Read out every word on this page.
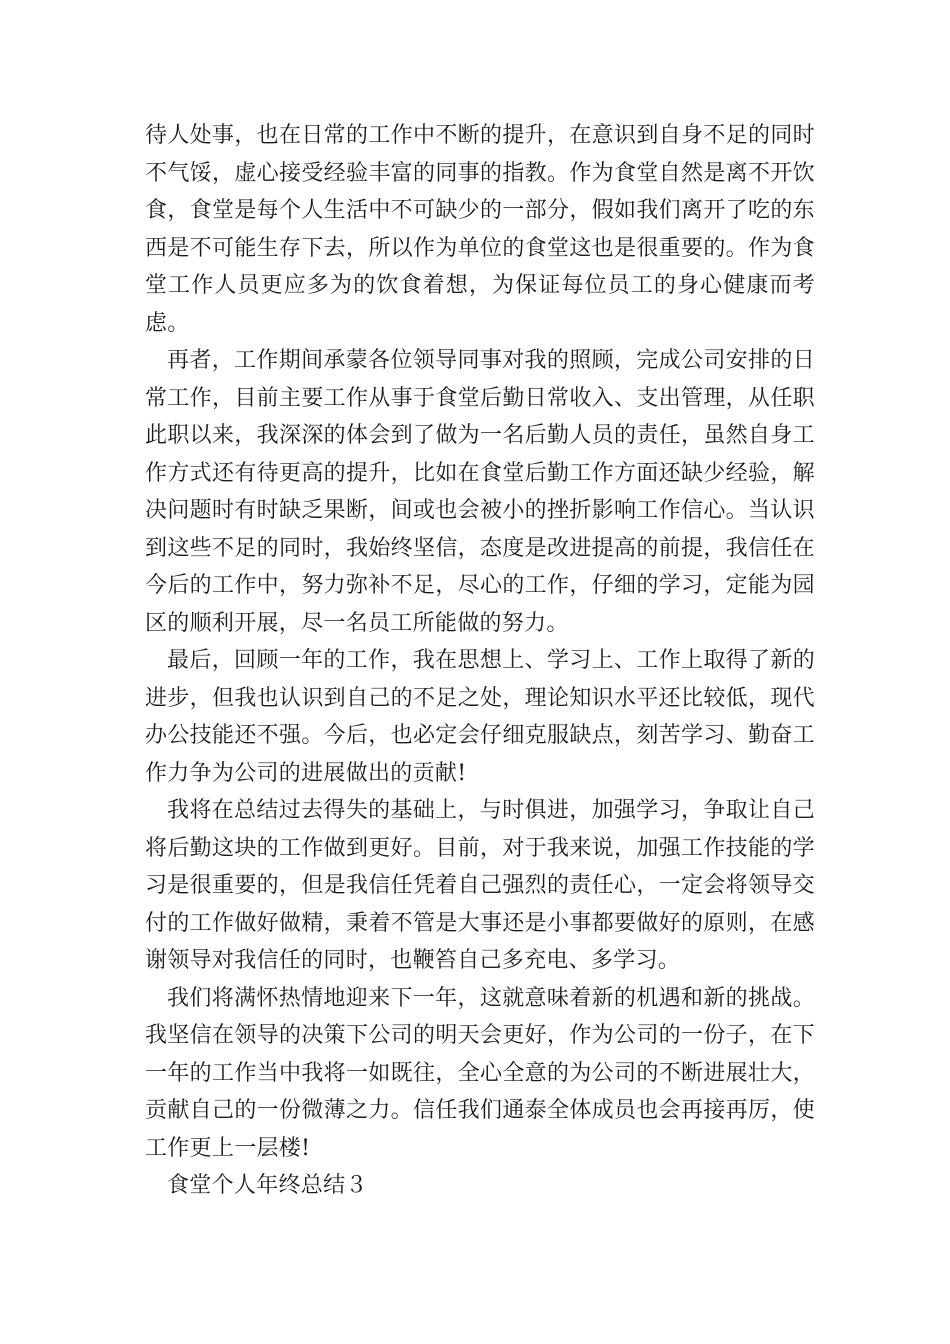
待人处事，也在日常的工作中不断的提升，在意识到自身不足的同时不气馁，虚心接受经验丰富的同事的指教。作为食堂自然是离不开饮食，食堂是每个人生活中不可缺少的一部分，假如我们离开了吃的东西是不可能生存下去，所以作为单位的食堂这也是很重要的。作为食堂工作人员更应多为的饮食着想，为保证每位员工的身心健康而考虑。

再者，工作期间承蒙各位领导同事对我的照顾，完成公司安排的日常工作，目前主要工作从事于食堂后勤日常收入、支出管理，从任职此职以来，我深深的体会到了做为一名后勤人员的责任，虽然自身工作方式还有待更高的提升，比如在食堂后勤工作方面还缺少经验，解决问题时有时缺乏果断，间或也会被小的挫折影响工作信心。当认识到这些不足的同时，我始终坚信，态度是改进提高的前提，我信任在今后的工作中，努力弥补不足，尽心的工作，仔细的学习，定能为园区的顺利开展，尽一名员工所能做的努力。

最后，回顾一年的工作，我在思想上、学习上、工作上取得了新的进步，但我也认识到自己的不足之处，理论知识水平还比较低，现代办公技能还不强。今后，也必定会仔细克服缺点，刻苦学习、勤奋工作力争为公司的进展做出的贡献!

我将在总结过去得失的基础上，与时俱进，加强学习，争取让自己将后勤这块的工作做到更好。目前，对于我来说，加强工作技能的学习是很重要的，但是我信任凭着自己强烈的责任心，一定会将领导交付的工作做好做精，秉着不管是大事还是小事都要做好的原则，在感谢领导对我信任的同时，也鞭笞自己多充电、多学习。

我们将满怀热情地迎来下一年，这就意味着新的机遇和新的挑战。我坚信在领导的决策下公司的明天会更好，作为公司的一份子，在下一年的工作当中我将一如既往，全心全意的为公司的不断进展壮大，贡献自己的一份微薄之力。信任我们通泰全体成员也会再接再厉，使工作更上一层楼!

食堂个人年终总结３
